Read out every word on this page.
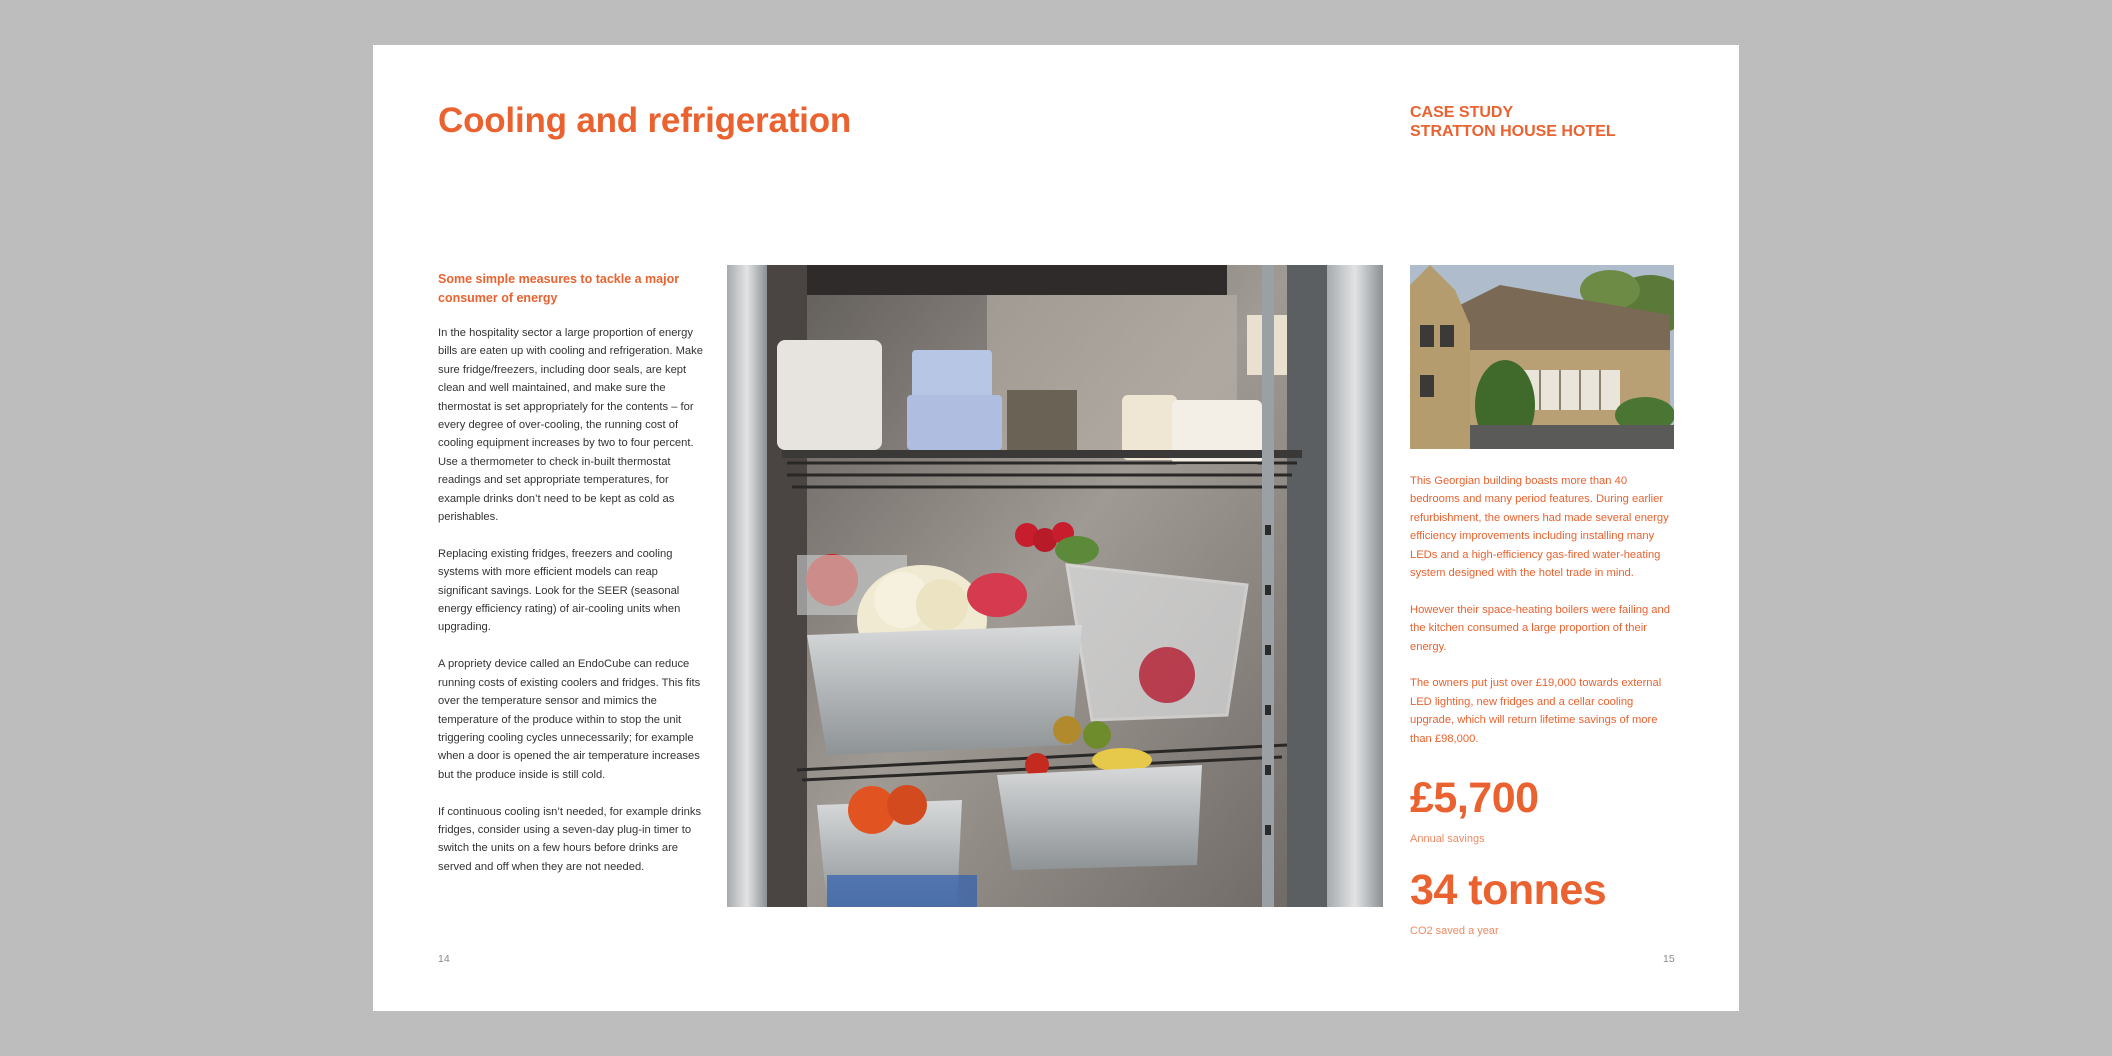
Cooling and refrigeration	CASE STUDY
STRATTON HOUSE HOTEL

Some simple measures to tackle a major consumer of energy

In the hospitality sector a large proportion of energy bills are eaten up with cooling and refrigeration. Make sure fridge/freezers, including door seals, are kept clean and well maintained, and make sure the thermostat is set appropriately for the contents – for every degree of over-cooling, the running cost of cooling equipment increases by two to four percent. Use a thermometer to check in-built thermostat readings and set appropriate temperatures, for example drinks don’t need to be kept as cold as perishables.

Replacing existing fridges, freezers and cooling systems with more efficient models can reap significant savings. Look for the SEER (seasonal energy efficiency rating) of air-cooling units when upgrading.

A propriety device called an EndoCube can reduce running costs of existing coolers and fridges. This fits over the temperature sensor and mimics the temperature of the produce within to stop the unit triggering cooling cycles unnecessarily; for example when a door is opened the air temperature increases but the produce inside is still cold.

If continuous cooling isn’t needed, for example drinks fridges, consider using a seven-day plug-in timer to switch the units on a few hours before drinks are served and off when they are not needed.

This Georgian building boasts more than 40 bedrooms and many period features. During earlier refurbishment, the owners had made several energy efficiency improvements including installing many LEDs and a high-efficiency gas-fired water-heating system designed with the hotel trade in mind.

However their space-heating boilers were failing and the kitchen consumed a large proportion of their energy.

The owners put just over £19,000 towards external LED lighting, new fridges and a cellar cooling upgrade, which will return lifetime savings of more than £98,000.

£5,700
Annual savings
34 tonnes
CO2 saved a year
14	15
